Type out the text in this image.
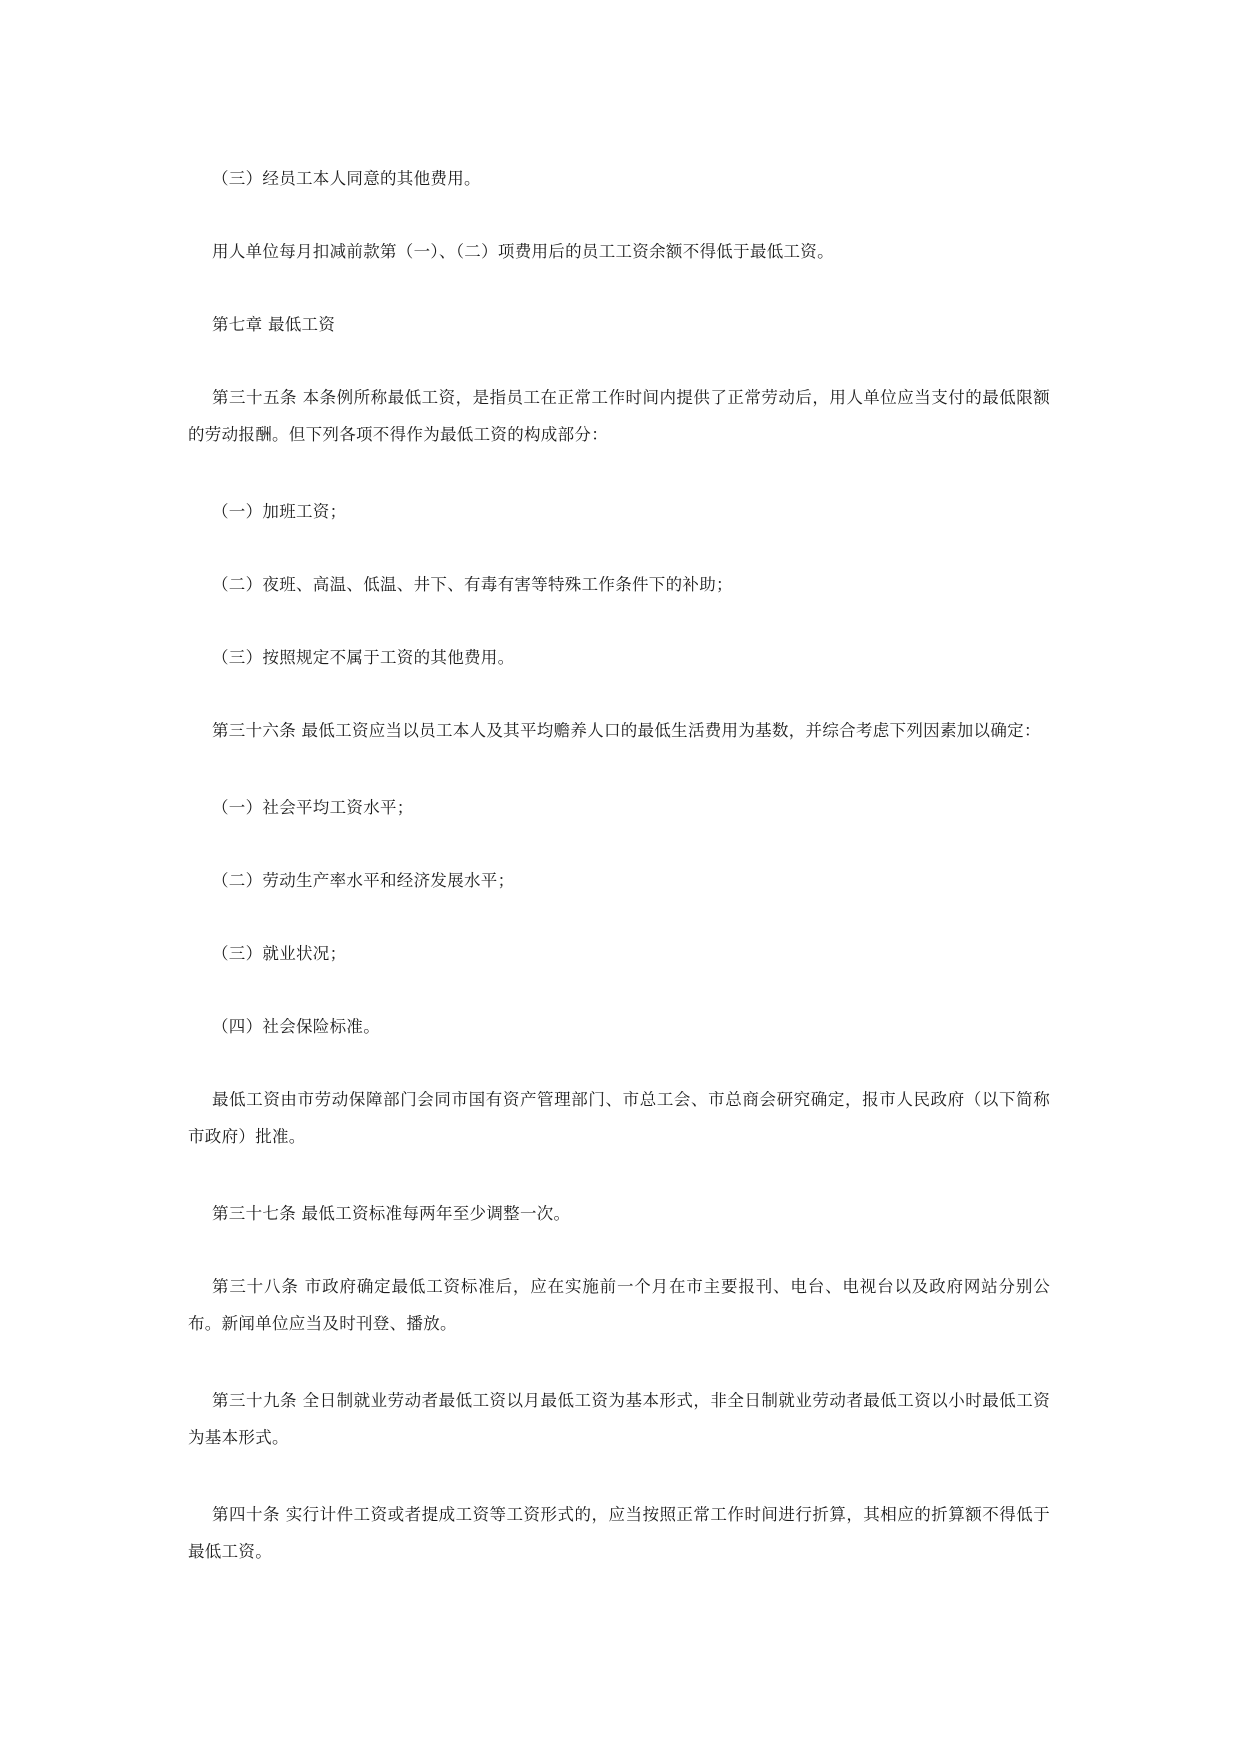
（三）经员工本人同意的其他费用。

用人单位每月扣减前款第（一）、（二）项费用后的员工工资余额不得低于最低工资。

第七章 最低工资

第三十五条 本条例所称最低工资，是指员工在正常工作时间内提供了正常劳动后，用人单位应当支付的最低限额的劳动报酬。但下列各项不得作为最低工资的构成部分：

（一）加班工资；

（二）夜班、高温、低温、井下、有毒有害等特殊工作条件下的补助；

（三）按照规定不属于工资的其他费用。

第三十六条 最低工资应当以员工本人及其平均赡养人口的最低生活费用为基数，并综合考虑下列因素加以确定：

（一）社会平均工资水平；

（二）劳动生产率水平和经济发展水平；

（三）就业状况；

（四）社会保险标准。

最低工资由市劳动保障部门会同市国有资产管理部门、市总工会、市总商会研究确定，报市人民政府（以下简称市政府）批准。

第三十七条 最低工资标准每两年至少调整一次。

第三十八条 市政府确定最低工资标准后，应在实施前一个月在市主要报刊、电台、电视台以及政府网站分别公布。新闻单位应当及时刊登、播放。

第三十九条 全日制就业劳动者最低工资以月最低工资为基本形式，非全日制就业劳动者最低工资以小时最低工资为基本形式。

第四十条 实行计件工资或者提成工资等工资形式的，应当按照正常工作时间进行折算，其相应的折算额不得低于最低工资。
